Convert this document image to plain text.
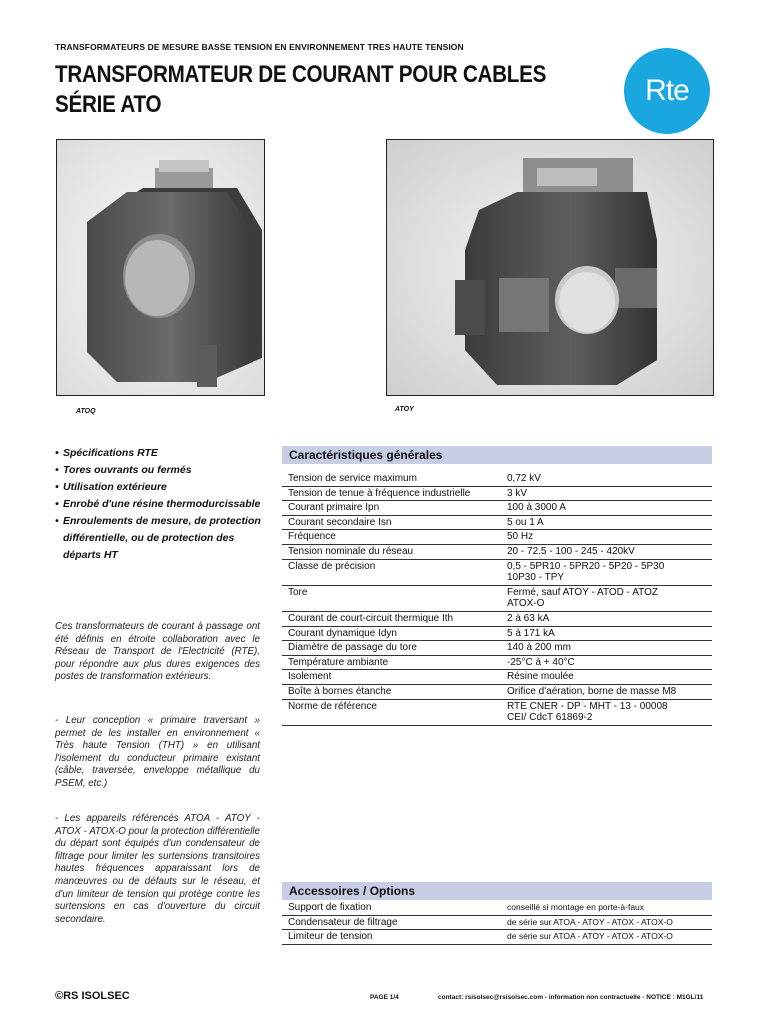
TRANSFORMATEURS DE MESURE BASSE TENSION EN ENVIRONNEMENT TRES HAUTE TENSION
TRANSFORMATEUR DE COURANT POUR CABLES
SÉRIE ATO	Rte
ATOQ	ATOY
• Spécifications RTE
• Tores ouvrants ou fermés
• Utilisation extérieure
• Enrobé d'une résine thermodurcissable
• Enroulements de mesure, de protection différentielle, ou de protection des départs HT

Ces transformateurs de courant à passage ont été définis en étroite collaboration avec le Réseau de Transport de l'Electricité (RTE), pour répondre aux plus dures exigences des postes de transformation extérieurs.

- Leur conception « primaire traversant » permet de les installer en environnement « Très haute Tension (THT) » en utilisant l'isolement du conducteur primaire existant (câble, traversée, enveloppe métallique du PSEM, etc.)

- Les appareils référencés ATOA - ATOY - ATOX - ATOX-O pour la protection différentielle du départ sont équipés d'un condensateur de filtrage pour limiter les surtensions transitoires hautes fréquences apparaissant lors de manœuvres ou de défauts sur le réseau, et d'un limiteur de tension qui protège contre les surtensions en cas d'ouverture du circuit secondaire.

Caractéristiques générales
Tension de service maximum	0,72 kV
Tension de tenue à fréquence industrielle	3 kV
Courant primaire Ipn	100 à 3000 A
Courant secondaire Isn	5 ou 1 A
Fréquence	50 Hz
Tension nominale du réseau	20 - 72.5 - 100 - 245 - 420kV
Classe de précision	0,5 - 5PR10 - 5PR20 - 5P20 - 5P30
10P30 - TPY
Tore	Fermé, sauf ATOY - ATOD - ATOZ
ATOX-O
Courant de court-circuit thermique Ith	2 à 63 kA
Courant dynamique Idyn	5 à 171 kA
Diamètre de passage du tore	140 à 200 mm
Température ambiante	-25°C à + 40°C
Isolement	Résine moulée
Boîte à bornes étanche	Orifice d'aération, borne de masse M8
Norme de référence	RTE CNER - DP - MHT - 13 - 00008
CEI/ CdcT 61869-2
Accessoires / Options
Support de fixation	conseillé si montage en porte-à-faux
Condensateur de filtrage	de série sur ATOA - ATOY - ATOX - ATOX-O
Limiteur de tension	de série sur ATOA - ATOY - ATOX - ATOX-O
©RS ISOLSEC	PAGE 1/4	contact: rsisolsec@rsisolsec.com - information non contractuelle - NOTICE : M1GL/11
